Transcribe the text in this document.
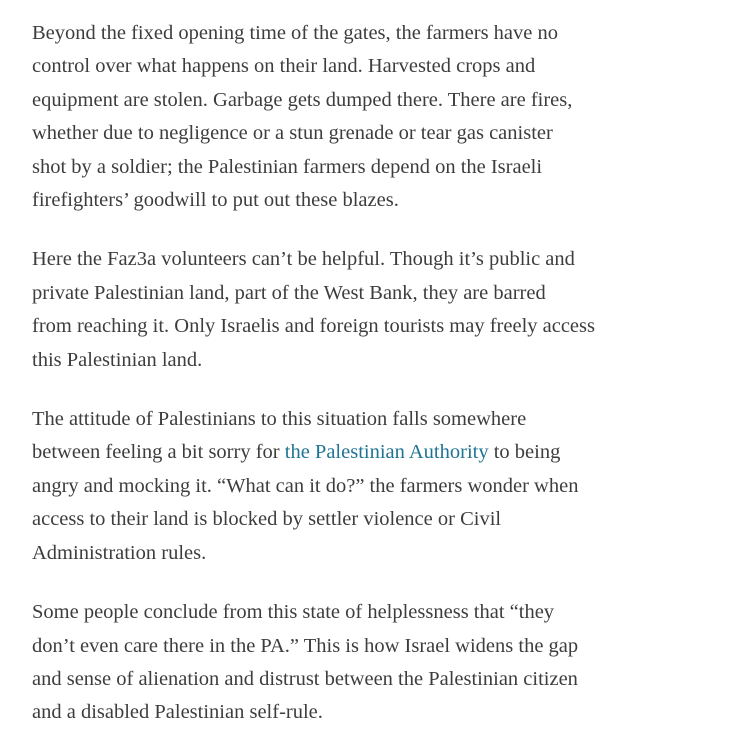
Beyond the fixed opening time of the gates, the farmers have no
control over what happens on their land. Harvested crops and
equipment are stolen. Garbage gets dumped there. There are fires,
whether due to negligence or a stun grenade or tear gas canister
shot by a soldier; the Palestinian farmers depend on the Israeli
firefighters’ goodwill to put out these blazes.

Here the Faz3a volunteers can’t be helpful. Though it’s public and
private Palestinian land, part of the West Bank, they are barred
from reaching it. Only Israelis and foreign tourists may freely access
this Palestinian land.

The attitude of Palestinians to this situation falls somewhere
between feeling a bit sorry for the Palestinian Authority to being
angry and mocking it. “What can it do?” the farmers wonder when
access to their land is blocked by settler violence or Civil
Administration rules.

Some people conclude from this state of helplessness that “they
don’t even care there in the PA.” This is how Israel widens the gap
and sense of alienation and distrust between the Palestinian citizen
and a disabled Palestinian self-rule.
